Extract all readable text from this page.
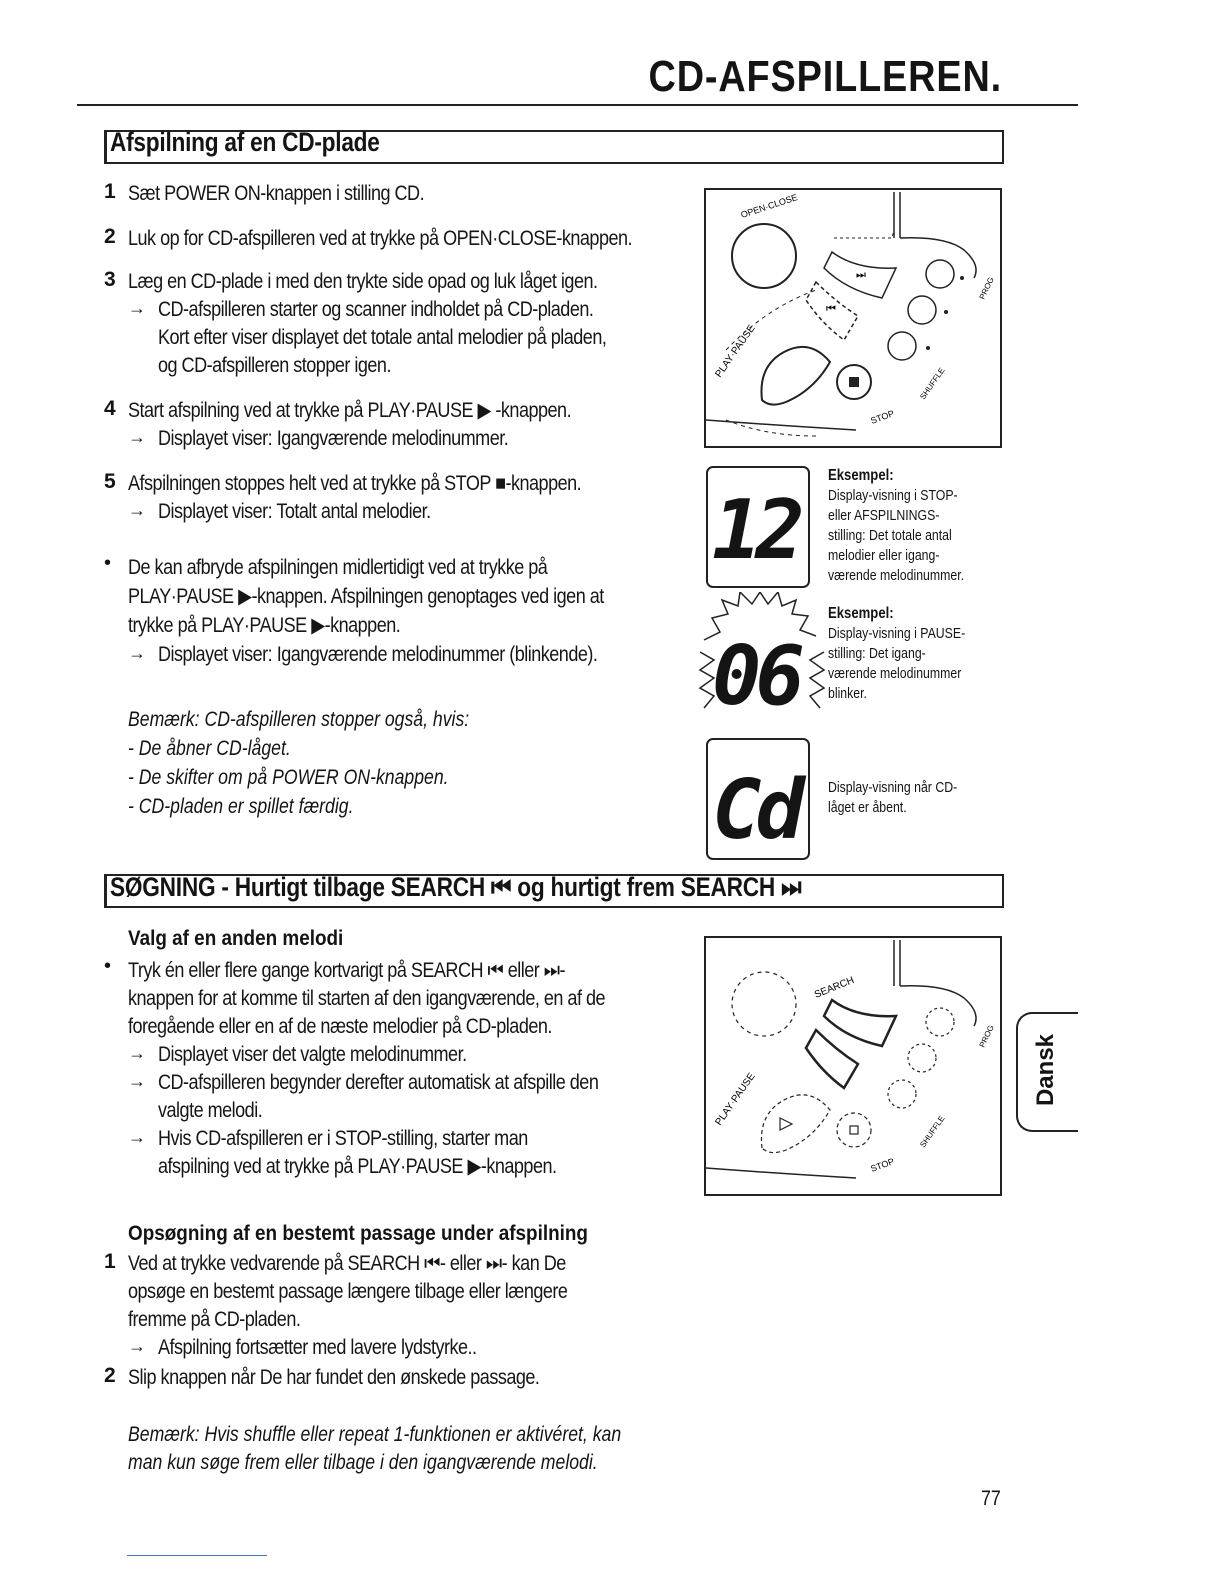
CD-AFSPILLEREN.
Afspilning af en CD-plade
1 Sæt POWER ON-knappen i stilling CD.
2 Luk op for CD-afspilleren ved at trykke på OPEN·CLOSE-knappen.
3 Læg en CD-plade i med den trykte side opad og luk låget igen.
→ CD-afspilleren starter og scanner indholdet på CD-pladen.
Kort efter viser displayet det totale antal melodier på pladen,
og CD-afspilleren stopper igen.
4 Start afspilning ved at trykke på PLAY·PAUSE ▶ -knappen.
→ Displayet viser: Igangværende melodinummer.
5 Afspilningen stoppes helt ved at trykke på STOP ■-knappen.
→ Displayet viser: Totalt antal melodier.
• De kan afbryde afspilningen midlertidigt ved at trykke på
PLAY·PAUSE ▶-knappen. Afspilningen genoptages ved igen at
trykke på PLAY·PAUSE ▶-knappen.
→ Displayet viser: Igangværende melodinummer (blinkende).
Bemærk: CD-afspilleren stopper også, hvis:
- De åbner CD-låget.
- De skifter om på POWER ON-knappen.
- CD-pladen er spillet færdig.
OPEN·CLOSE
⏭
⏮
PLAY·PAUSE
STOP
SHUFFLE
PROG
12
Eksempel:
Display-visning i STOP-
eller AFSPILNINGS-
stilling: Det totale antal
melodier eller igang-
værende melodinummer.
06
Eksempel:
Display-visning i PAUSE-
stilling: Det igang-
værende melodinummer
blinker.
Cd Display-visning når CD-
låget er åbent.
SØGNING - Hurtigt tilbage SEARCH ⏮ og hurtigt frem SEARCH ⏭
Valg af en anden melodi
• Tryk én eller flere gange kortvarigt på SEARCH ⏮ eller ⏭-
knappen for at komme til starten af den igangværende, en af de
foregående eller en af de næste melodier på CD-pladen.
→ Displayet viser det valgte melodinummer.
→ CD-afspilleren begynder derefter automatisk at afspille den
valgte melodi.
→ Hvis CD-afspilleren er i STOP-stilling, starter man
afspilning ved at trykke på PLAY·PAUSE ▶-knappen.
SEARCH
PLAY·PAUSE
STOP
SHUFFLE
PROG
Opsøgning af en bestemt passage under afspilning
1 Ved at trykke vedvarende på SEARCH ⏮- eller ⏭- kan De
opsøge en bestemt passage længere tilbage eller længere
fremme på CD-pladen.
→ Afspilning fortsætter med lavere lydstyrke..
2 Slip knappen når De har fundet den ønskede passage.
Bemærk: Hvis shuffle eller repeat 1-funktionen er aktivéret, kan
man kun søge frem eller tilbage i den igangværende melodi.
Dansk
77
